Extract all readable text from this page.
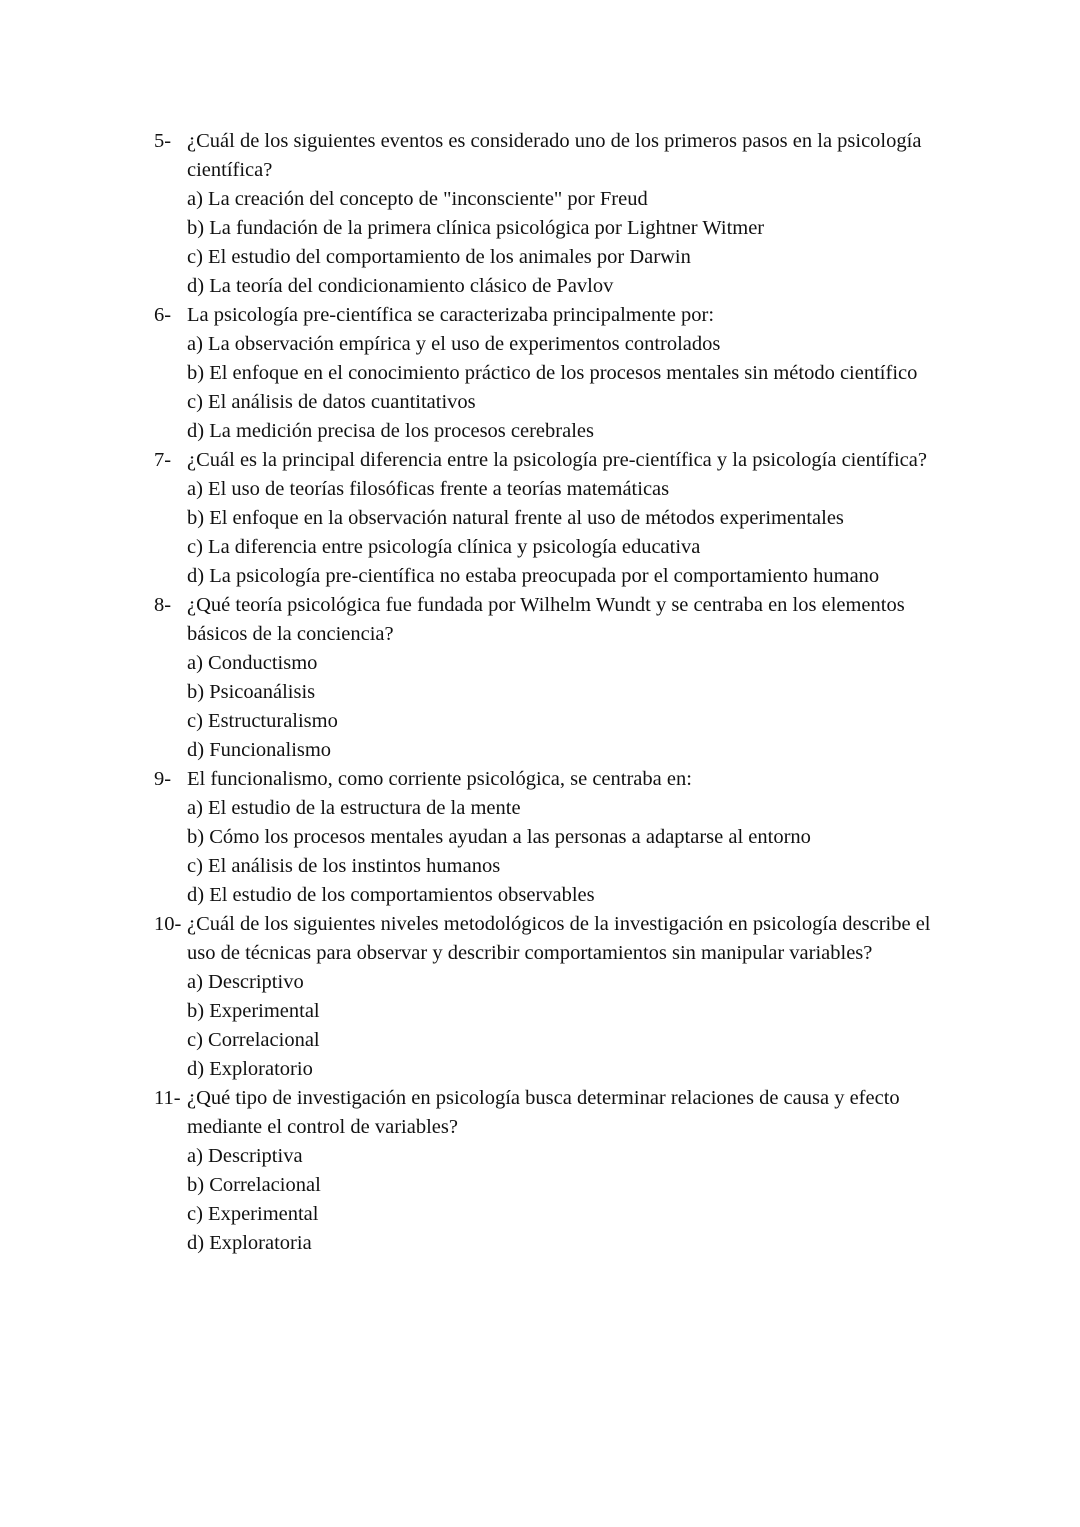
5- ¿Cuál de los siguientes eventos es considerado uno de los primeros pasos en la psicología científica?
a) La creación del concepto de "inconsciente" por Freud
b) La fundación de la primera clínica psicológica por Lightner Witmer
c) El estudio del comportamiento de los animales por Darwin
d) La teoría del condicionamiento clásico de Pavlov
6- La psicología pre-científica se caracterizaba principalmente por:
a) La observación empírica y el uso de experimentos controlados
b) El enfoque en el conocimiento práctico de los procesos mentales sin método científico
c) El análisis de datos cuantitativos
d) La medición precisa de los procesos cerebrales
7- ¿Cuál es la principal diferencia entre la psicología pre-científica y la psicología científica?
a) El uso de teorías filosóficas frente a teorías matemáticas
b) El enfoque en la observación natural frente al uso de métodos experimentales
c) La diferencia entre psicología clínica y psicología educativa
d) La psicología pre-científica no estaba preocupada por el comportamiento humano
8- ¿Qué teoría psicológica fue fundada por Wilhelm Wundt y se centraba en los elementos básicos de la conciencia?
a) Conductismo
b) Psicoanálisis
c) Estructuralismo
d) Funcionalismo
9- El funcionalismo, como corriente psicológica, se centraba en:
a) El estudio de la estructura de la mente
b) Cómo los procesos mentales ayudan a las personas a adaptarse al entorno
c) El análisis de los instintos humanos
d) El estudio de los comportamientos observables
10- ¿Cuál de los siguientes niveles metodológicos de la investigación en psicología describe el uso de técnicas para observar y describir comportamientos sin manipular variables?
a) Descriptivo
b) Experimental
c) Correlacional
d) Exploratorio
11- ¿Qué tipo de investigación en psicología busca determinar relaciones de causa y efecto mediante el control de variables?
a) Descriptiva
b) Correlacional
c) Experimental
d) Exploratoria
